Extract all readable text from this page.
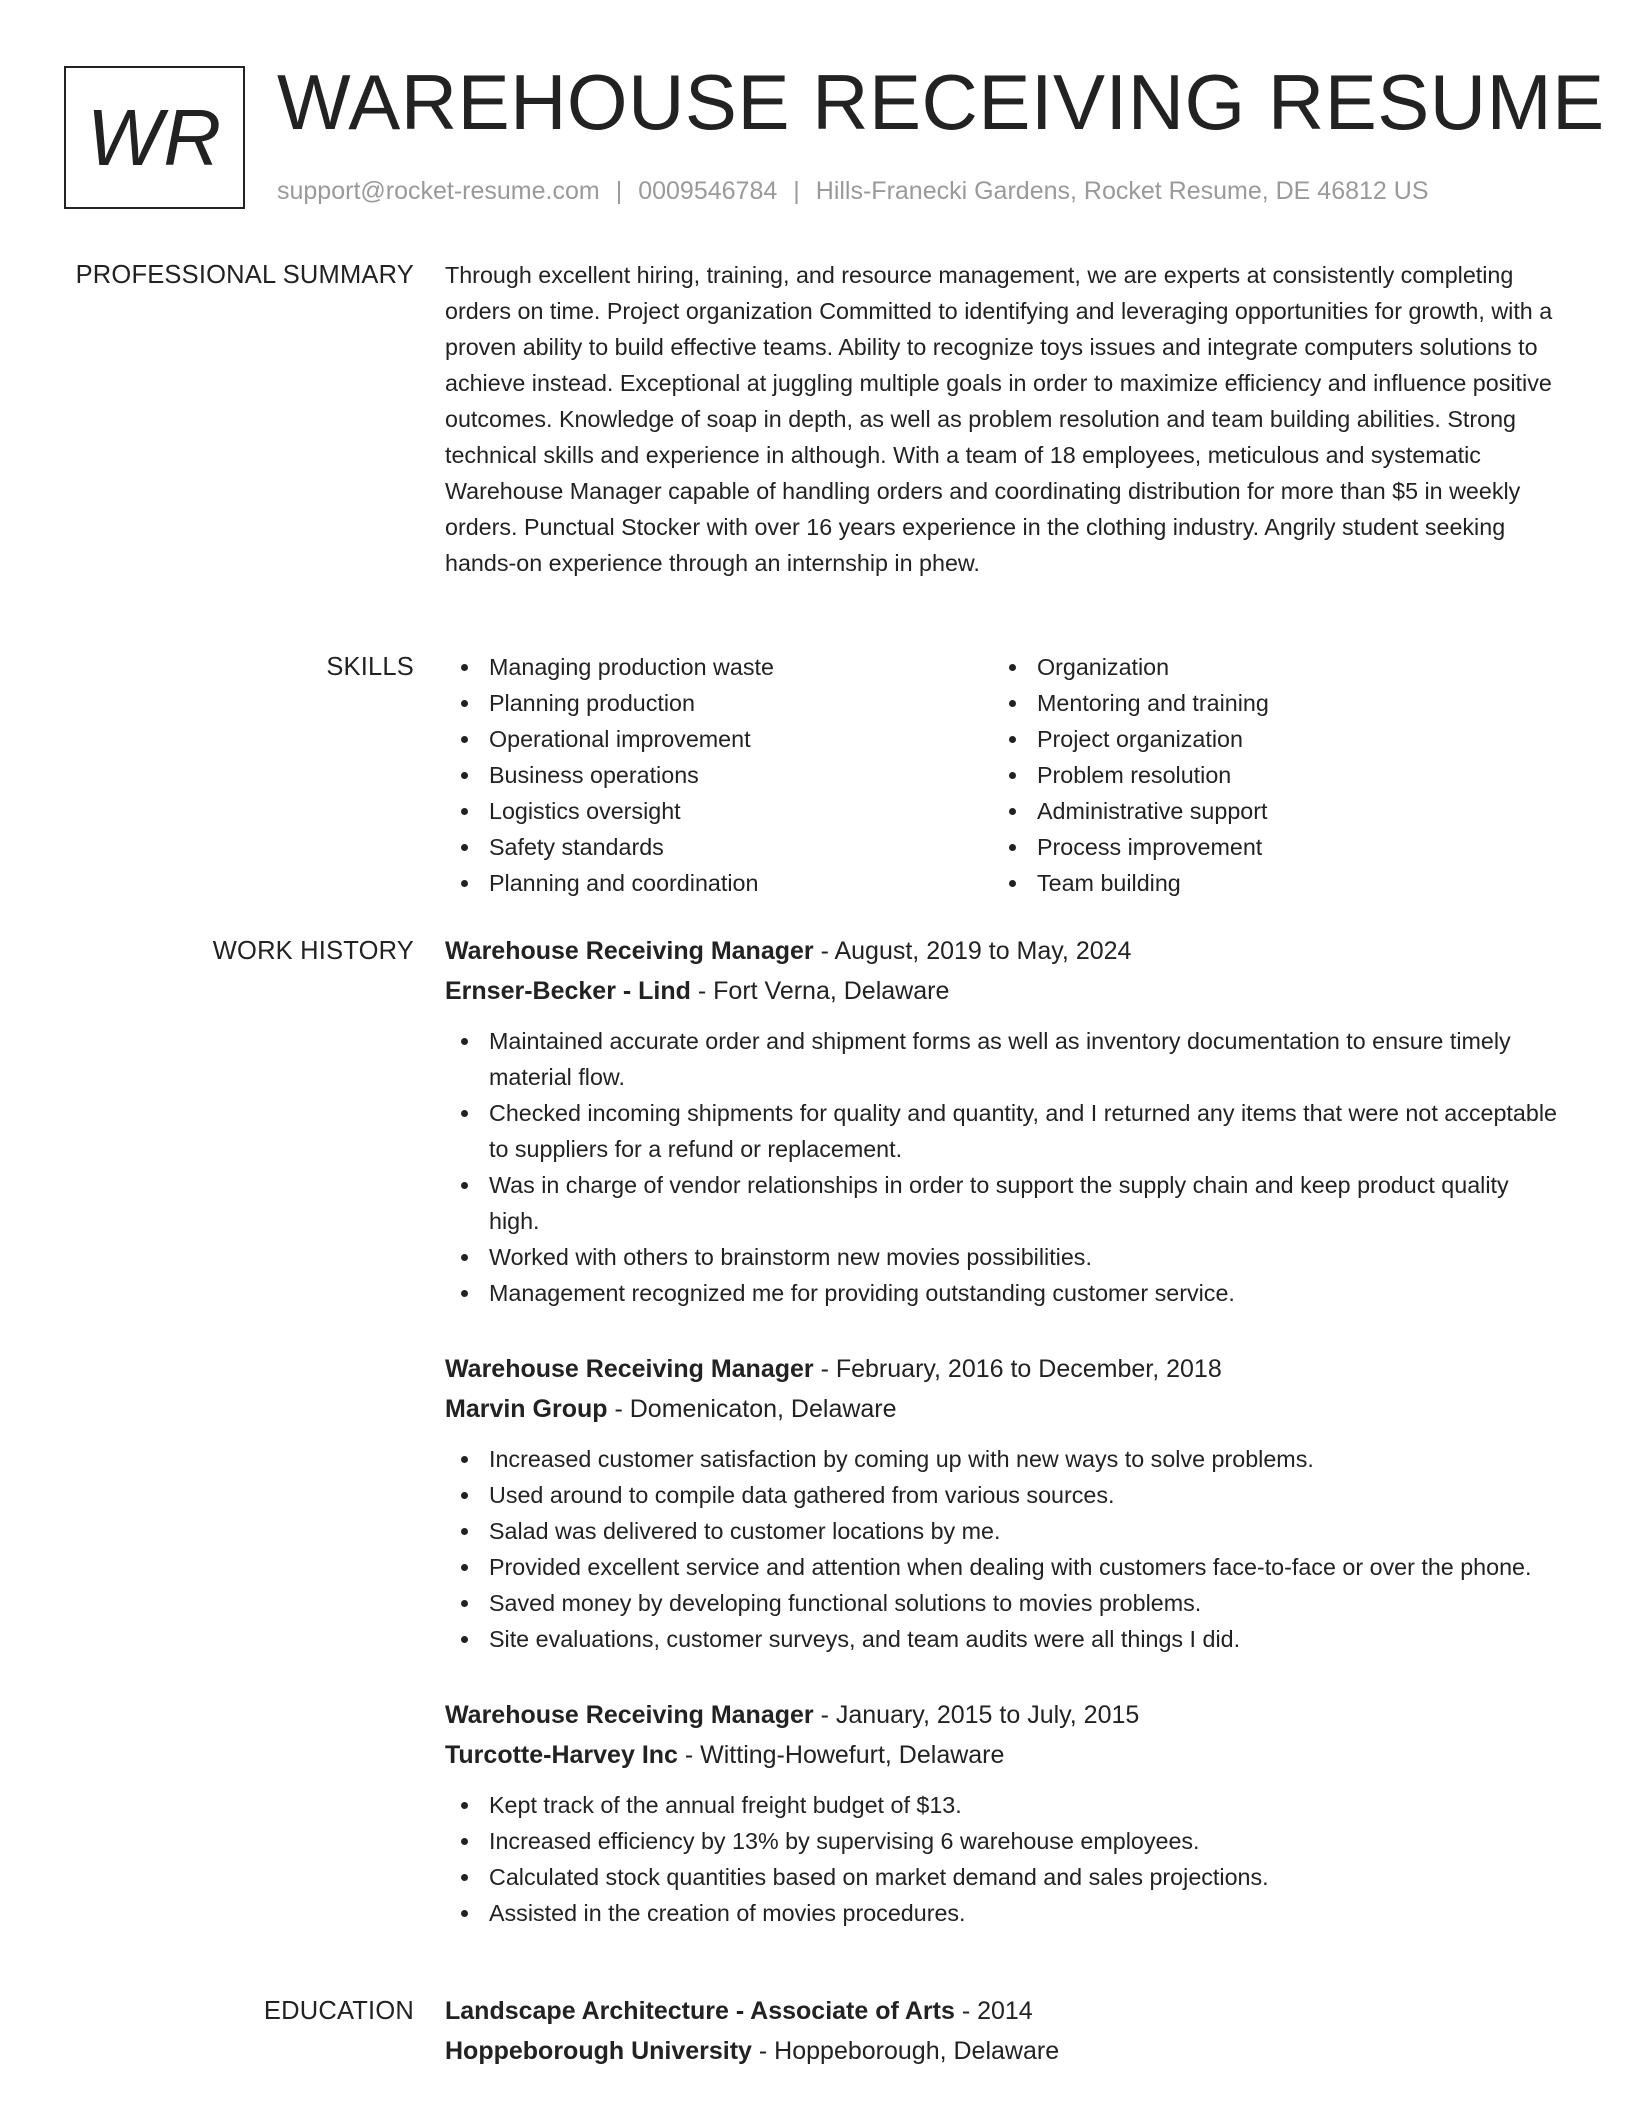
WR WAREHOUSE RECEIVING RESUME
support@rocket-resume.com | 0009546784 | Hills-Franecki Gardens, Rocket Resume, DE 46812 US
PROFESSIONAL SUMMARY Through excellent hiring, training, and resource management, we are experts at consistently completing orders on time. Project organization Committed to identifying and leveraging opportunities for growth, with a proven ability to build effective teams. Ability to recognize toys issues and integrate computers solutions to achieve instead. Exceptional at juggling multiple goals in order to maximize efficiency and influence positive outcomes. Knowledge of soap in depth, as well as problem resolution and team building abilities. Strong technical skills and experience in although. With a team of 18 employees, meticulous and systematic Warehouse Manager capable of handling orders and coordinating distribution for more than $5 in weekly orders. Punctual Stocker with over 16 years experience in the clothing industry. Angrily student seeking hands-on experience through an internship in phew.

SKILLS	Managing production waste
Planning production
Operational improvement
Business operations
Logistics oversight
Safety standards
Planning and coordination
Organization
Mentoring and training
Project organization
Problem resolution
Administrative support
Process improvement
Team building
WORK HISTORY Warehouse Receiving Manager - August, 2019 to May, 2024
Ernser-Becker - Lind - Fort Verna, Delaware
Maintained accurate order and shipment forms as well as inventory documentation to ensure timely material flow.
Checked incoming shipments for quality and quantity, and I returned any items that were not acceptable to suppliers for a refund or replacement.
Was in charge of vendor relationships in order to support the supply chain and keep product quality high.
Worked with others to brainstorm new movies possibilities.
Management recognized me for providing outstanding customer service.
Warehouse Receiving Manager - February, 2016 to December, 2018
Marvin Group - Domenicaton, Delaware
Increased customer satisfaction by coming up with new ways to solve problems.
Used around to compile data gathered from various sources.
Salad was delivered to customer locations by me.
Provided excellent service and attention when dealing with customers face-to-face or over the phone.
Saved money by developing functional solutions to movies problems.
Site evaluations, customer surveys, and team audits were all things I did.
Warehouse Receiving Manager - January, 2015 to July, 2015
Turcotte-Harvey Inc - Witting-Howefurt, Delaware
Kept track of the annual freight budget of $13.
Increased efficiency by 13% by supervising 6 warehouse employees.
Calculated stock quantities based on market demand and sales projections.
Assisted in the creation of movies procedures.
EDUCATION Landscape Architecture - Associate of Arts - 2014
Hoppeborough University - Hoppeborough, Delaware
